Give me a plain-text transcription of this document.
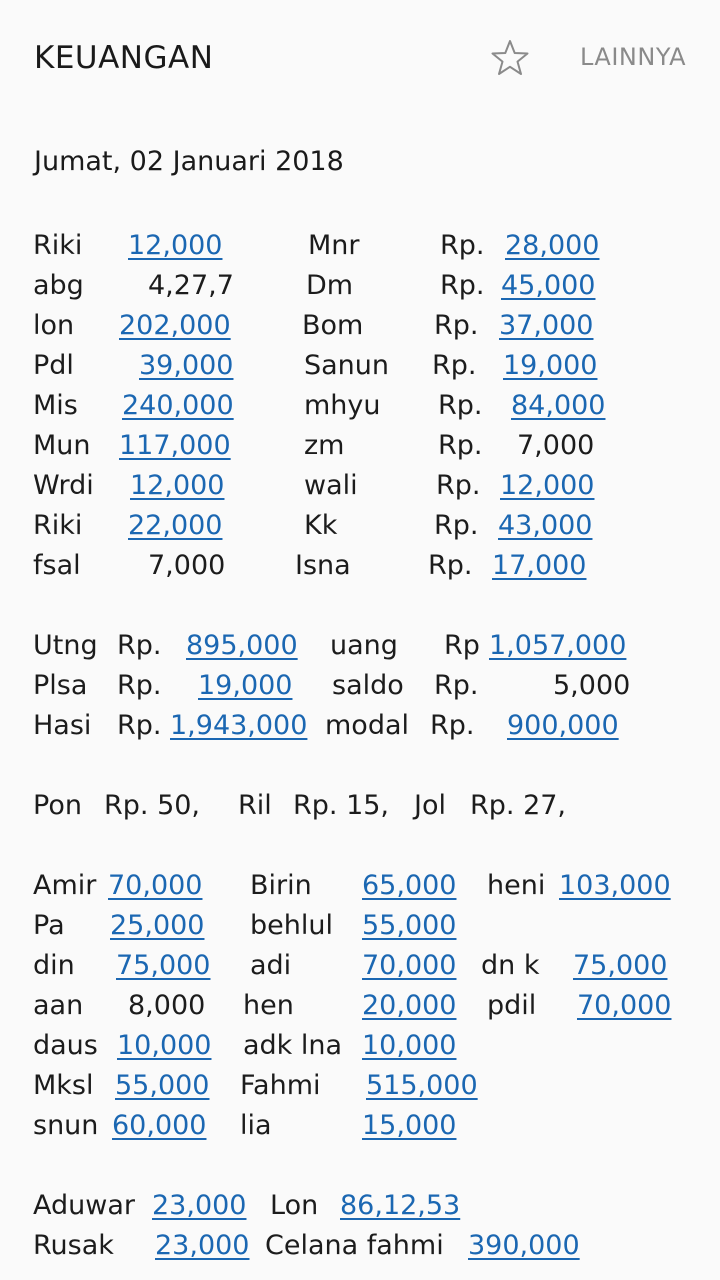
KEUANGAN	LAINNYA
Jumat, 02 Januari 2018
Riki 12,000	Mnr	Rp. 28,000
abg 4,27,7	Dm	Rp. 45,000
lon 202,000	Bom	Rp. 37,000
Pdl 39,000	Sanun Rp. 19,000
Mis 240,000	mhyu Rp. 84,000
Mun 117,000	zm	Rp. 7,000
Wrdi 12,000	wali	Rp. 12,000
Riki 22,000	Kk	Rp. 43,000
fsal 7,000	Isna	Rp. 17,000
Utng Rp. 895,000 uang Rp 1,057,000
Plsa Rp. 19,000 saldo Rp.	5,000
Hasi Rp. 1,943,000 modal Rp. 900,000
Pon Rp. 50, Ril Rp. 15, Jol Rp. 27,
Amir 70,000 Birin 65,000 heni 103,000
Pa 25,000 behlul 55,000
din 75,000 adi	70,000 dn k 75,000
aan 8,000 hen	20,000 pdil 70,000
daus 10,000 adk lna 10,000
Mksl 55,000 Fahmi 515,000
snun 60,000 lia	15,000
Aduwar 23,000 Lon 86,12,53
Rusak 23,000 Celana fahmi 390,000
